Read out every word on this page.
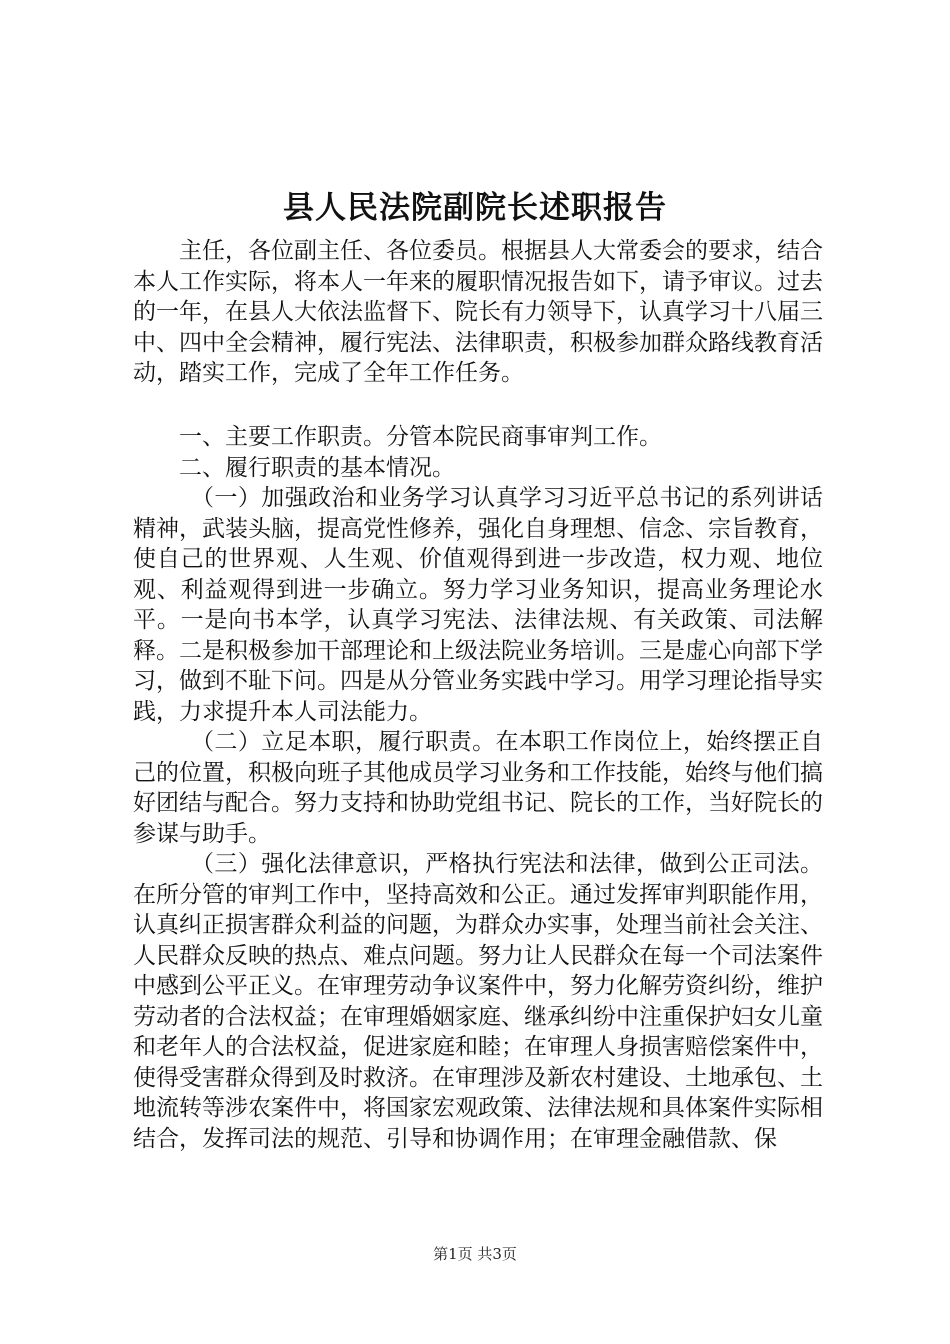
县人民法院副院长述职报告

主任，各位副主任、各位委员。根据县人大常委会的要求，结合本人工作实际，将本人一年来的履职情况报告如下，请予审议。过去的一年，在县人大依法监督下、院长有力领导下，认真学习十八届三中、四中全会精神，履行宪法、法律职责，积极参加群众路线教育活动，踏实工作，完成了全年工作任务。

一、主要工作职责。分管本院民商事审判工作。

二、履行职责的基本情况。

（一）加强政治和业务学习认真学习习近平总书记的系列讲话精神，武装头脑，提高党性修养，强化自身理想、信念、宗旨教育，使自己的世界观、人生观、价值观得到进一步改造，权力观、地位观、利益观得到进一步确立。努力学习业务知识，提高业务理论水平。一是向书本学，认真学习宪法、法律法规、有关政策、司法解释。二是积极参加干部理论和上级法院业务培训。三是虚心向部下学习，做到不耻下问。四是从分管业务实践中学习。用学习理论指导实践，力求提升本人司法能力。

（二）立足本职，履行职责。在本职工作岗位上，始终摆正自己的位置，积极向班子其他成员学习业务和工作技能，始终与他们搞好团结与配合。努力支持和协助党组书记、院长的工作，当好院长的参谋与助手。

（三）强化法律意识，严格执行宪法和法律，做到公正司法。在所分管的审判工作中，坚持高效和公正。通过发挥审判职能作用，认真纠正损害群众利益的问题，为群众办实事，处理当前社会关注、人民群众反映的热点、难点问题。努力让人民群众在每一个司法案件中感到公平正义。在审理劳动争议案件中，努力化解劳资纠纷，维护劳动者的合法权益；在审理婚姻家庭、继承纠纷中注重保护妇女儿童和老年人的合法权益，促进家庭和睦；在审理人身损害赔偿案件中，使得受害群众得到及时救济。在审理涉及新农村建设、土地承包、土地流转等涉农案件中，将国家宏观政策、法律法规和具体案件实际相结合，发挥司法的规范、引导和协调作用；在审理金融借款、保

第1页 共3页
